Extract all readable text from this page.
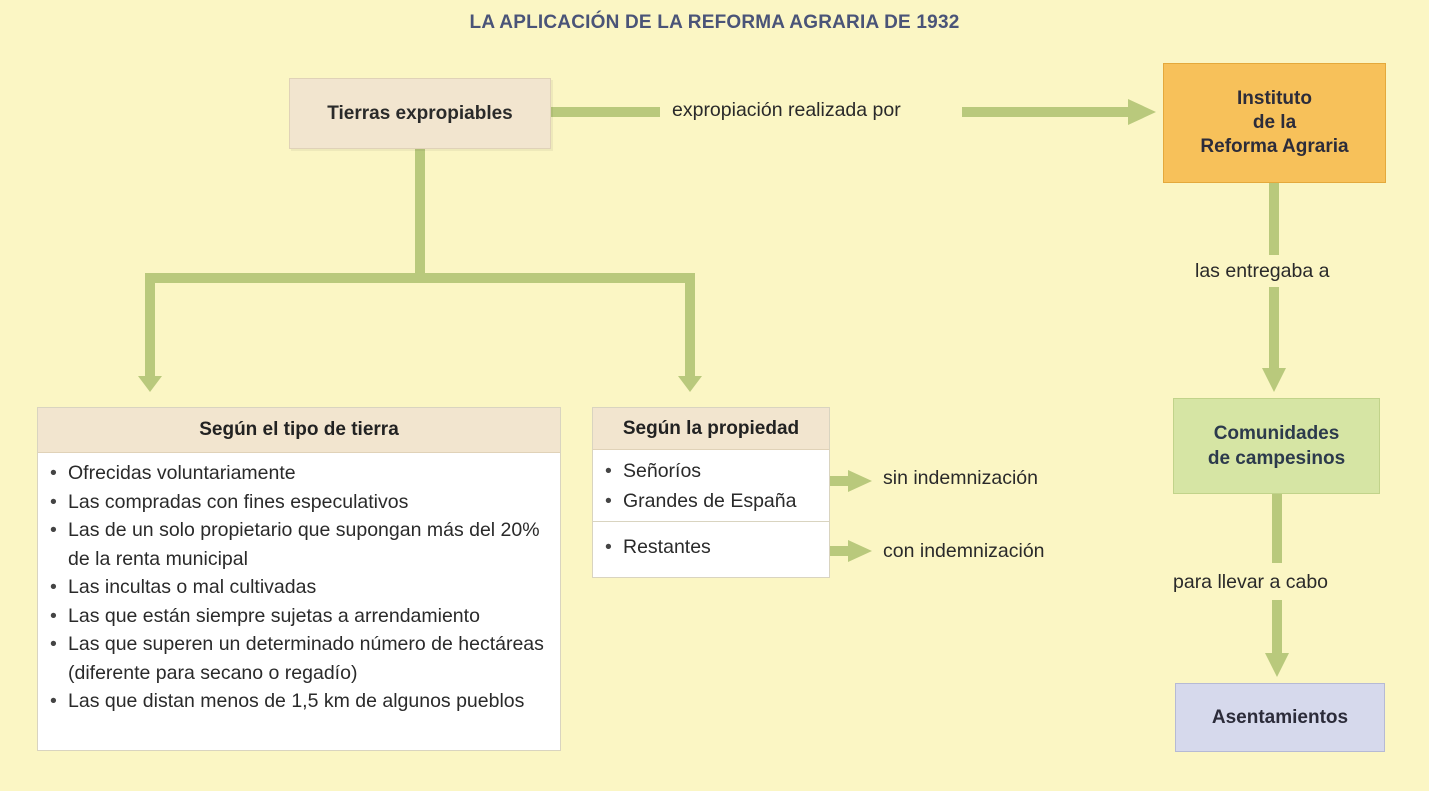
LA APLICACIÓN DE LA REFORMA AGRARIA DE 1932
Tierras expropiables	expropiación realizada por
Instituto
de la
Reforma Agraria
las entregaba a
Comunidades
de campesinos
para llevar a cabo
Asentamientos
Según el tipo de tierra
• Ofrecidas voluntariamente
• Las compradas con fines especulativos
• Las de un solo propietario que supongan más del 20% de la renta municipal
• Las incultas o mal cultivadas
• Las que están siempre sujetas a arrendamiento
• Las que superen un determinado número de hectáreas (diferente para secano o regadío)
• Las que distan menos de 1,5 km de algunos pueblos
Según la propiedad
• Señoríos
• Grandes de España
• Restantes
sin indemnización
con indemnización
